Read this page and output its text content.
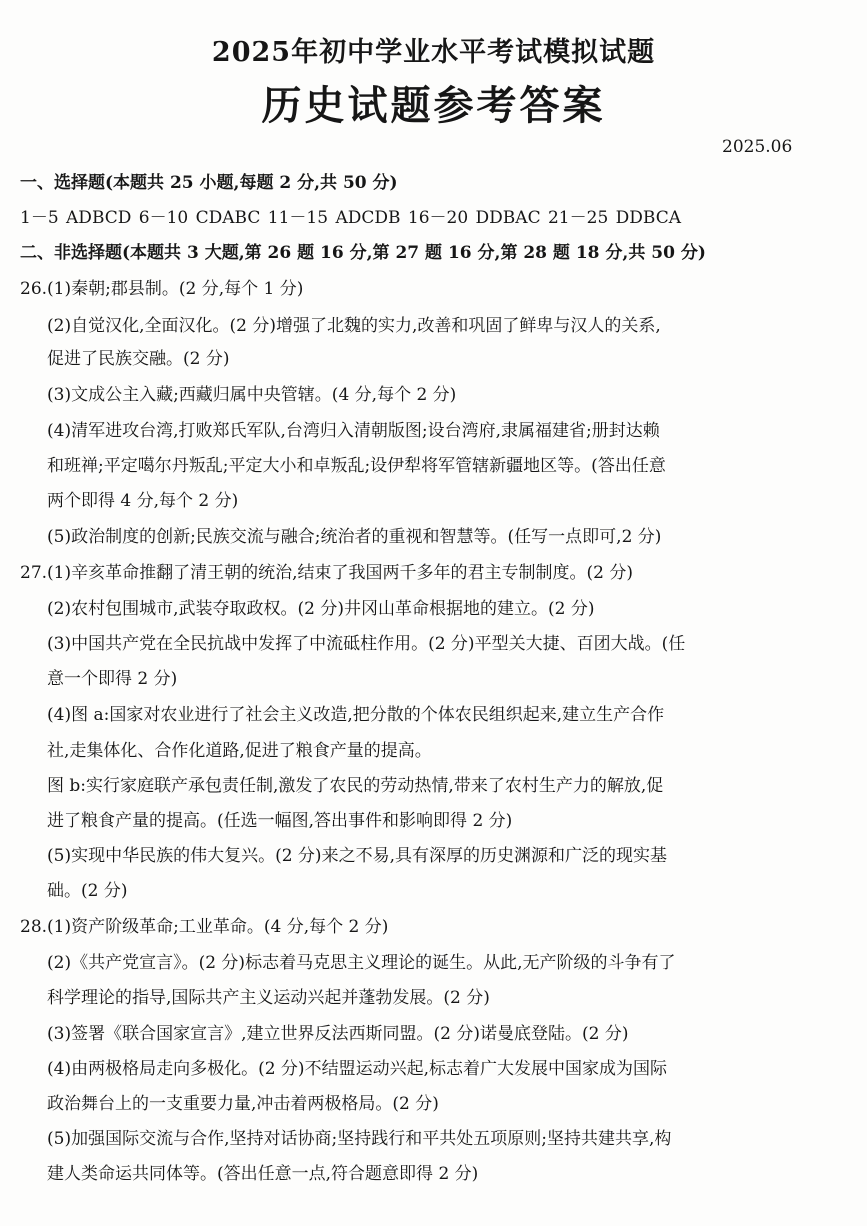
2025年初中学业水平考试模拟试题
历史试题参考答案
2025.06
一、选择题(本题共 25 小题,每题 2 分,共 50 分)
1－5 ADBCD 6－10 CDABC 11－15 ADCDB 16－20 DDBAC 21－25 DDBCA
二、非选择题(本题共 3 大题,第 26 题 16 分,第 27 题 16 分,第 28 题 18 分,共 50 分)
26.(1)秦朝;郡县制。(2 分,每个 1 分)
(2)自觉汉化,全面汉化。(2 分)增强了北魏的实力,改善和巩固了鲜卑与汉人的关系,
促进了民族交融。(2 分)
(3)文成公主入藏;西藏归属中央管辖。(4 分,每个 2 分)
(4)清军进攻台湾,打败郑氏军队,台湾归入清朝版图;设台湾府,隶属福建省;册封达赖
和班禅;平定噶尔丹叛乱;平定大小和卓叛乱;设伊犁将军管辖新疆地区等。(答出任意
两个即得 4 分,每个 2 分)
(5)政治制度的创新;民族交流与融合;统治者的重视和智慧等。(任写一点即可,2 分)
27.(1)辛亥革命推翻了清王朝的统治,结束了我国两千多年的君主专制制度。(2 分)
(2)农村包围城市,武装夺取政权。(2 分)井冈山革命根据地的建立。(2 分)
(3)中国共产党在全民抗战中发挥了中流砥柱作用。(2 分)平型关大捷、百团大战。(任
意一个即得 2 分)
(4)图 a:国家对农业进行了社会主义改造,把分散的个体农民组织起来,建立生产合作
社,走集体化、合作化道路,促进了粮食产量的提高。
图 b:实行家庭联产承包责任制,激发了农民的劳动热情,带来了农村生产力的解放,促
进了粮食产量的提高。(任选一幅图,答出事件和影响即得 2 分)
(5)实现中华民族的伟大复兴。(2 分)来之不易,具有深厚的历史渊源和广泛的现实基
础。(2 分)
28.(1)资产阶级革命;工业革命。(4 分,每个 2 分)
(2)《共产党宣言》。(2 分)标志着马克思主义理论的诞生。从此,无产阶级的斗争有了
科学理论的指导,国际共产主义运动兴起并蓬勃发展。(2 分)
(3)签署《联合国家宣言》,建立世界反法西斯同盟。(2 分)诺曼底登陆。(2 分)
(4)由两极格局走向多极化。(2 分)不结盟运动兴起,标志着广大发展中国家成为国际
政治舞台上的一支重要力量,冲击着两极格局。(2 分)
(5)加强国际交流与合作,坚持对话协商;坚持践行和平共处五项原则;坚持共建共享,构
建人类命运共同体等。(答出任意一点,符合题意即得 2 分)
